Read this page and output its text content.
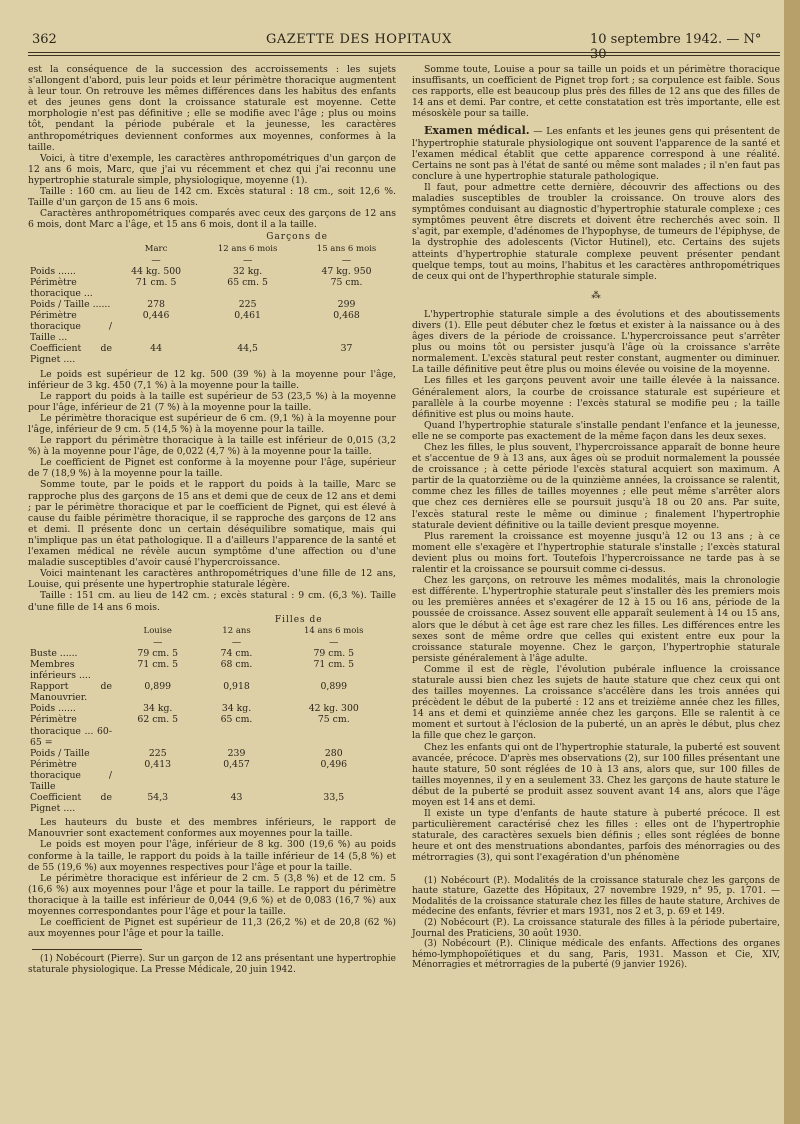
362	GAZETTE DES HOPITAUX	10 septembre 1942. — N° 30

est la conséquence de la succession des accroissements : les sujets s'allongent d'abord, puis leur poids et leur périmètre thoracique augmentent à leur tour. On retrouve les mêmes différences dans les habitus des enfants et des jeunes gens dont la croissance staturale est moyenne. Cette morphologie n'est pas définitive ; elle se modifie avec l'âge ; plus ou moins tôt, pendant la période pubérale et la jeunesse, les caractères anthropométriques deviennent conformes aux moyennes, conformes à la taille.

Voici, à titre d'exemple, les caractères anthropométriques d'un garçon de 12 ans 6 mois, Marc, que j'ai vu récemment et chez qui j'ai reconnu une hypertrophie staturale simple, physiologique, moyenne (1).

Taille : 160 cm. au lieu de 142 cm. Excès statural : 18 cm., soit 12,6 %. Taille d'un garçon de 15 ans 6 mois.

Caractères anthropométriques comparés avec ceux des garçons de 12 ans 6 mois, dont Marc a l'âge, et 15 ans 6 mois, dont il a la taille.

		Garçons de	
	Marc	12 ans 6 mois	15 ans 6 mois
	—	—	—
Poids ......	44 kg. 500	32 kg.	47 kg. 950
Périmètre thoracique ...	71 cm. 5	65 cm. 5	75 cm.
Poids / Taille ......	278	225	299
Périmètre thoracique / Taille ...	0,446	0,461	0,468
Coefficient de Pignet ....	44	44,5	37

Le poids est supérieur de 12 kg. 500 (39 %) à la moyenne pour l'âge, inférieur de 3 kg. 450 (7,1 %) à la moyenne pour la taille.

Le rapport du poids à la taille est supérieur de 53 (23,5 %) à la moyenne pour l'âge, inférieur de 21 (7 %) à la moyenne pour la taille.

Le périmètre thoracique est supérieur de 6 cm. (9,1 %) à la moyenne pour l'âge, inférieur de 9 cm. 5 (14,5 %) à la moyenne pour la taille.

Le rapport du périmètre thoracique à la taille est inférieur de 0,015 (3,2 %) à la moyenne pour l'âge, de 0,022 (4,7 %) à la moyenne pour la taille.

Le coefficient de Pignet est conforme à la moyenne pour l'âge, supérieur de 7 (18,9 %) à la moyenne pour la taille.

Somme toute, par le poids et le rapport du poids à la taille, Marc se rapproche plus des garçons de 15 ans et demi que de ceux de 12 ans et demi ; par le périmètre thoracique et par le coefficient de Pignet, qui est élevé à cause du faible périmètre thoracique, il se rapproche des garçons de 12 ans et demi. Il présente donc un certain déséquilibre somatique, mais qui n'implique pas un état pathologique. Il a d'ailleurs l'apparence de la santé et l'examen médical ne révèle aucun symptôme d'une affection ou d'une maladie susceptibles d'avoir causé l'hypercroissance.

Voici maintenant les caractères anthropométriques d'une fille de 12 ans, Louise, qui présente une hypertrophie staturale légère.

Taille : 151 cm. au lieu de 142 cm. ; excès statural : 9 cm. (6,3 %). Taille d'une fille de 14 ans 6 mois.

		Filles de	
	Louise	12 ans	14 ans 6 mois
	—	—	—
Buste ......	79 cm. 5	74 cm.	79 cm. 5
Membres inférieurs ....	71 cm. 5	68 cm.	71 cm. 5
Rapport de Manouvrier.	0,899	0,918	0,899
Poids ......	34 kg.	34 kg.	42 kg. 300
Périmètre thoracique ... 60-65 =	62 cm. 5	65 cm.	75 cm.
Poids / Taille	225	239	280
Périmètre thoracique / Taille	0,413	0,457	0,496
Coefficient de Pignet ....	54,3	43	33,5

Les hauteurs du buste et des membres inférieurs, le rapport de Manouvrier sont exactement conformes aux moyennes pour la taille.

Le poids est moyen pour l'âge, inférieur de 8 kg. 300 (19,6 %) au poids conforme à la taille, le rapport du poids à la taille inférieur de 14 (5,8 %) et de 55 (19,6 %) aux moyennes respectives pour l'âge et pour la taille.

Le périmètre thoracique est inférieur de 2 cm. 5 (3,8 %) et de 12 cm. 5 (16,6 %) aux moyennes pour l'âge et pour la taille. Le rapport du périmètre thoracique à la taille est inférieur de 0,044 (9,6 %) et de 0,083 (16,7 %) aux moyennes correspondantes pour l'âge et pour la taille.

Le coefficient de Pignet est supérieur de 11,3 (26,2 %) et de 20,8 (62 %) aux moyennes pour l'âge et pour la taille.

(1) Nobécourt (Pierre). Sur un garçon de 12 ans présentant une hypertrophie staturale physiologique. La Presse Médicale, 20 juin 1942.

Somme toute, Louise a pour sa taille un poids et un périmètre thoracique insuffisants, un coefficient de Pignet trop fort ; sa corpulence est faible. Sous ces rapports, elle est beaucoup plus près des filles de 12 ans que des filles de 14 ans et demi. Par contre, et cette constatation est très importante, elle est mésoskèle pour sa taille.

Examen médical. — Les enfants et les jeunes gens qui présentent de l'hypertrophie staturale physiologique ont souvent l'apparence de la santé et l'examen médical établit que cette apparence correspond à une réalité. Certains ne sont pas à l'état de santé ou même sont malades ; il n'en faut pas conclure à une hypertrophie staturale pathologique.

Il faut, pour admettre cette dernière, découvrir des affections ou des maladies susceptibles de troubler la croissance. On trouve alors des symptômes conduisant au diagnostic d'hypertrophie staturale complexe ; ces symptômes peuvent être discrets et doivent être recherchés avec soin. Il s'agit, par exemple, d'adénomes de l'hypophyse, de tumeurs de l'épiphyse, de la dystrophie des adolescents (Victor Hutinel), etc. Certains des sujets atteints d'hypertrophie staturale complexe peuvent présenter pendant quelque temps, tout au moins, l'habitus et les caractères anthropométriques de ceux qui ont de l'hyperthrophie staturale simple.

⁂

L'hypertrophie staturale simple a des évolutions et des aboutissements divers (1). Elle peut débuter chez le fœtus et exister à la naissance ou à des âges divers de la période de croissance. L'hypercroissance peut s'arrêter plus ou moins tôt ou persister jusqu'à l'âge où la croissance s'arrête normalement. L'excès statural peut rester constant, augmenter ou diminuer. La taille définitive peut être plus ou moins élevée ou voisine de la moyenne.

Les filles et les garçons peuvent avoir une taille élevée à la naissance. Généralement alors, la courbe de croissance staturale est supérieure et parallèle à la courbe moyenne : l'excès statural se modifie peu ; la taille définitive est plus ou moins haute.

Quand l'hypertrophie staturale s'installe pendant l'enfance et la jeunesse, elle ne se comporte pas exactement de la même façon dans les deux sexes.

Chez les filles, le plus souvent, l'hypercroissance apparaît de bonne heure et s'accentue de 9 à 13 ans, aux âges où se produit normalement la poussée de croissance ; à cette période l'excès statural acquiert son maximum. A partir de la quatorzième ou de la quinzième années, la croissance se ralentit, comme chez les filles de tailles moyennes ; elle peut même s'arrêter alors que chez ces dernières elle se poursuit jusqu'à 18 ou 20 ans. Par suite, l'excès statural reste le même ou diminue ; finalement l'hypertrophie staturale devient définitive ou la taille devient presque moyenne.

Plus rarement la croissance est moyenne jusqu'à 12 ou 13 ans ; à ce moment elle s'exagère et l'hypertrophie staturale s'installe ; l'excès statural devient plus ou moins fort. Toutefois l'hypercroissance ne tarde pas à se ralentir et la croissance se poursuit comme ci-dessus.

Chez les garçons, on retrouve les mêmes modalités, mais la chronologie est différente. L'hypertrophie staturale peut s'installer dès les premiers mois ou les premières années et s'exagérer de 12 à 15 ou 16 ans, période de la poussée de croissance. Assez souvent elle apparaît seulement à 14 ou 15 ans, alors que le début à cet âge est rare chez les filles. Les différences entre les sexes sont de même ordre que celles qui existent entre eux pour la croissance staturale moyenne. Chez le garçon, l'hypertrophie staturale persiste généralement à l'âge adulte.

Comme il est de règle, l'évolution pubérale influence la croissance staturale aussi bien chez les sujets de haute stature que chez ceux qui ont des tailles moyennes. La croissance s'accélère dans les trois années qui précèdent le début de la puberté : 12 ans et treizième année chez les filles, 14 ans et demi et quinzième année chez les garçons. Elle se ralentit à ce moment et surtout à l'éclosion de la puberté, un an après le début, plus chez la fille que chez le garçon.

Chez les enfants qui ont de l'hypertrophie staturale, la puberté est souvent avancée, précoce. D'après mes observations (2), sur 100 filles présentant une haute stature, 50 sont réglées de 10 à 13 ans, alors que, sur 100 filles de tailles moyennes, il y en a seulement 33. Chez les garçons de haute stature le début de la puberté se produit assez souvent avant 14 ans, alors que l'âge moyen est 14 ans et demi.

Il existe un type d'enfants de haute stature à puberté précoce. Il est particulièrement caractérisé chez les filles : elles ont de l'hypertrophie staturale, des caractères sexuels bien définis ; elles sont réglées de bonne heure et ont des menstruations abondantes, parfois des ménorragies ou des métrorragies (3), qui sont l'exagération d'un phénomène

(1) Nobécourt (P.). Modalités de la croissance staturale chez les garçons de haute stature, Gazette des Hôpitaux, 27 novembre 1929, n° 95, p. 1701. — Modalités de la croissance staturale chez les filles de haute stature, Archives de médecine des enfants, février et mars 1931, nos 2 et 3, p. 69 et 149.

(2) Nobécourt (P.). La croissance staturale des filles à la période pubertaire, Journal des Praticiens, 30 août 1930.

(3) Nobécourt (P.). Clinique médicale des enfants. Affections des organes hémo-lymphopoïétiques et du sang, Paris, 1931. Masson et Cie, XIV, Ménorragies et métrorragies de la puberté (9 janvier 1926).
